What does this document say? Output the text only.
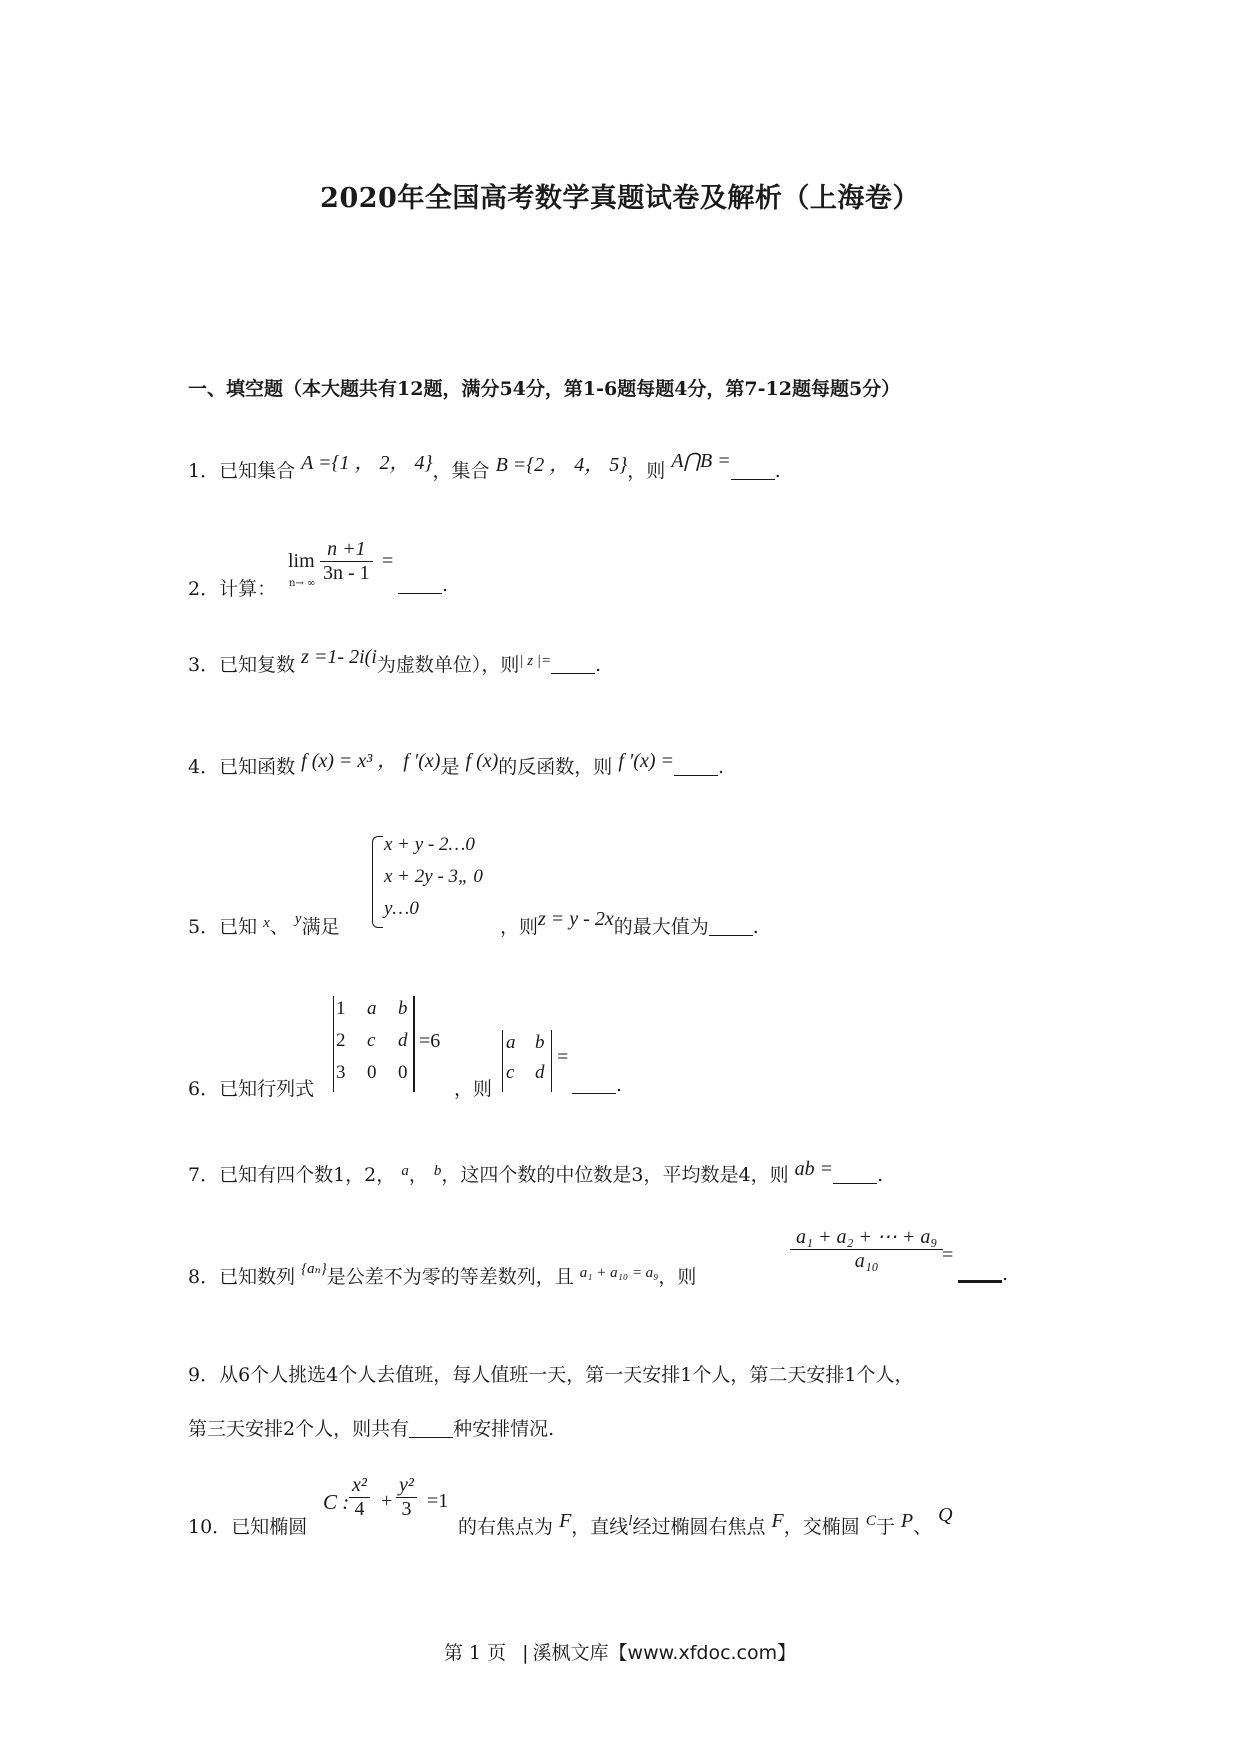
2020年全国高考数学真题试卷及解析（上海卷）
一、填空题（本大题共有12题，满分54分，第1-6题每题4分，第7-12题每题5分）
1．已知集合 A ={1 ， 2， 4}，集合 B ={2 ， 4， 5}，则 A⋂B = .
2．计算：
lim
n→ ∞ $\frac{n +1}{3n - 1}$ =
.
3．已知复数 z =1- 2i(i为虚数单位），则$^{| z |=}$ .
4．已知函数 f (x) = x³ ， f ′(x)是 f (x)的反函数，则 f ′(x) = .
5．已知 $^x$、 $^y$满足
x + y - 2…0
x + 2y - 3„ 0
y…0
，则z = y - 2x的最大值为 .
6．已知行列式
1 a b
2 c d
3 0 0
=6
，则
a b
c d
=
.
7．已知有四个数1，2， $^a$， $^b$，这四个数的中位数是3，平均数是4，则 ab = .
8．已知数列 $^{\{a_n\}}$是公差不为零的等差数列，且 $^{a_1 + a_{10} = a_9}$，则
$\frac{\text{a₁ + a₂ + ⋯ + a₉}}{\text{a₁₀}}$
=
.
9．从6个人挑选4个人去值班，每人值班一天，第一天安排1个人，第二天安排1个人，
第三天安排2个人，则共有 种安排情况.
10．已知椭圆
C : $\frac{\text{x²}}{4} + \frac{\text{y²}}{3} =1$
的右焦点为 F，直线$^l$经过椭圆右焦点 F，交椭圆 $^C$于 P、 Q
第 1 页 | 溪枫文库【www.xfdoc.com】
